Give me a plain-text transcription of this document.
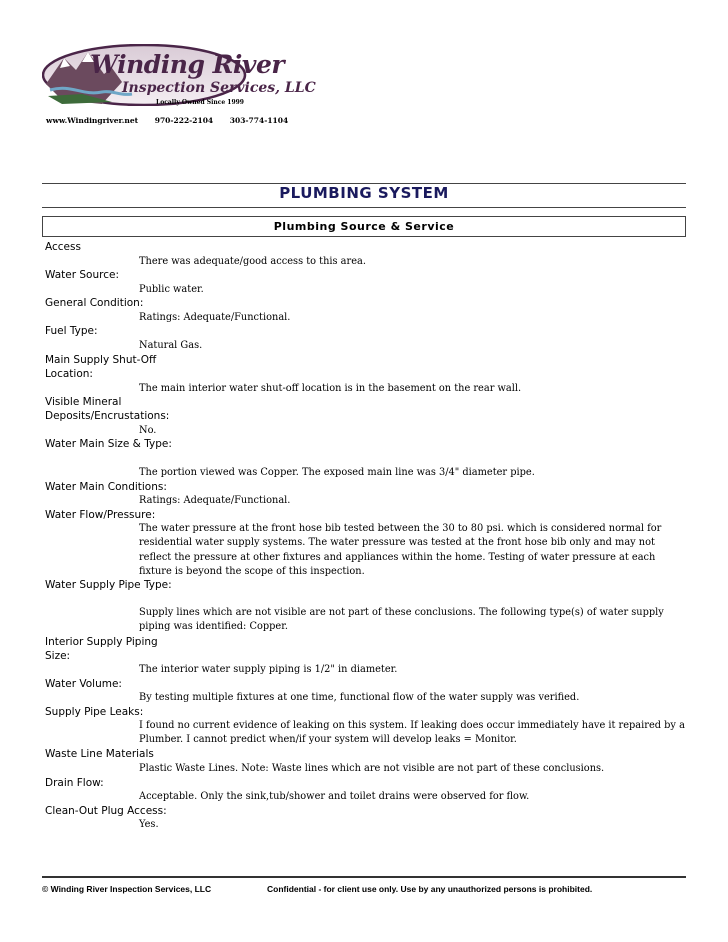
Winding River
Inspection Services, LLC
Locally Owned Since 1999
www.Windingriver.net 970-222-2104 303-774-1104
PLUMBING SYSTEM
Plumbing Source & Service
Access
There was adequate/good access to this area.
Water Source:
Public water.
General Condition:
Ratings: Adequate/Functional.
Fuel Type:
Natural Gas.
Main Supply Shut-Off Location:
The main interior water shut-off location is in the basement on the rear wall.
Visible Mineral Deposits/Encrustations:
No.
Water Main Size & Type:
The portion viewed was Copper. The exposed main line was 3/4" diameter pipe.
Water Main Conditions:
Ratings: Adequate/Functional.
Water Flow/Pressure:
The water pressure at the front hose bib tested between the 30 to 80 psi. which is considered normal for residential water supply systems. The water pressure was tested at the front hose bib only and may not reflect the pressure at other fixtures and appliances within the home. Testing of water pressure at each fixture is beyond the scope of this inspection.
Water Supply Pipe Type:
Supply lines which are not visible are not part of these conclusions. The following type(s) of water supply piping was identified: Copper.
Interior Supply Piping Size:
The interior water supply piping is 1/2" in diameter.
Water Volume:
By testing multiple fixtures at one time, functional flow of the water supply was verified.
Supply Pipe Leaks:
I found no current evidence of leaking on this system. If leaking does occur immediately have it repaired by a Plumber. I cannot predict when/if your system will develop leaks = Monitor.
Waste Line Materials
Plastic Waste Lines. Note: Waste lines which are not visible are not part of these conclusions.
Drain Flow:
Acceptable. Only the sink,tub/shower and toilet drains were observed for flow.
Clean-Out Plug Access:
Yes.
© Winding River Inspection Services, LLC	Confidential - for client use only. Use by any unauthorized persons is prohibited.
